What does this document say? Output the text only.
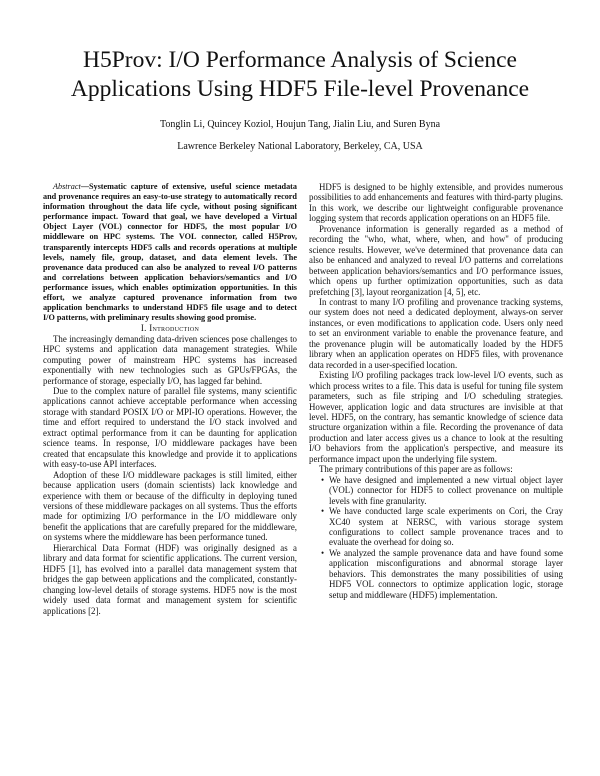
H5Prov: I/O Performance Analysis of Science
Applications Using HDF5 File-level Provenance
Tonglin Li, Quincey Koziol, Houjun Tang, Jialin Liu, and Suren Byna
Lawrence Berkeley National Laboratory, Berkeley, CA, USA

Abstract—Systematic capture of extensive, useful science metadata and provenance requires an easy-to-use strategy to automatically record information throughout the data life cycle, without posing significant performance impact. Toward that goal, we have developed a Virtual Object Layer (VOL) connector for HDF5, the most popular I/O middleware on HPC systems. The VOL connector, called H5Prov, transparently intercepts HDF5 calls and records operations at multiple levels, namely file, group, dataset, and data element levels. The provenance data produced can also be analyzed to reveal I/O patterns and correlations between application behaviors/semantics and I/O performance issues, which enables optimization opportunities. In this effort, we analyze captured provenance information from two application benchmarks to understand HDF5 file usage and to detect I/O patterns, with preliminary results showing good promise.

I. Introduction

The increasingly demanding data-driven sciences pose challenges to HPC systems and application data management strategies. While computing power of mainstream HPC systems has increased exponentially with new technologies such as GPUs/FPGAs, the performance of storage, especially I/O, has lagged far behind.

Due to the complex nature of parallel file systems, many scientific applications cannot achieve acceptable performance when accessing storage with standard POSIX I/O or MPI-IO operations. However, the time and effort required to understand the I/O stack involved and extract optimal performance from it can be daunting for application science teams. In response, I/O middleware packages have been created that encapsulate this knowledge and provide it to applications with easy-to-use API interfaces.

Adoption of these I/O middleware packages is still limited, either because application users (domain scientists) lack knowledge and experience with them or because of the difficulty in deploying tuned versions of these middleware packages on all systems. Thus the efforts made for optimizing I/O performance in the I/O middleware only benefit the applications that are carefully prepared for the middleware, on systems where the middleware has been performance tuned.

Hierarchical Data Format (HDF) was originally designed as a library and data format for scientific applications. The current version, HDF5 [1], has evolved into a parallel data management system that bridges the gap between applications and the complicated, constantly-changing low-level details of storage systems. HDF5 now is the most widely used data format and management system for scientific applications [2].

HDF5 is designed to be highly extensible, and provides numerous possibilities to add enhancements and features with third-party plugins. In this work, we describe our lightweight configurable provenance logging system that records application operations on an HDF5 file.

Provenance information is generally regarded as a method of recording the "who, what, where, when, and how" of producing science results. However, we've determined that provenance data can also be enhanced and analyzed to reveal I/O patterns and correlations between application behaviors/semantics and I/O performance issues, which opens up further optimization opportunities, such as data prefetching [3], layout reorganization [4, 5], etc.

In contrast to many I/O profiling and provenance tracking systems, our system does not need a dedicated deployment, always-on server instances, or even modifications to application code. Users only need to set an environment variable to enable the provenance feature, and the provenance plugin will be automatically loaded by the HDF5 library when an application operates on HDF5 files, with provenance data recorded in a user-specified location.

Existing I/O profiling packages track low-level I/O events, such as which process writes to a file. This data is useful for tuning file system parameters, such as file striping and I/O scheduling strategies. However, application logic and data structures are invisible at that level. HDF5, on the contrary, has semantic knowledge of science data structure organization within a file. Recording the provenance of data production and later access gives us a chance to look at the resulting I/O behaviors from the application's perspective, and measure its performance impact upon the underlying file system.

The primary contributions of this paper are as follows:

• We have designed and implemented a new virtual object layer (VOL) connector for HDF5 to collect provenance on multiple levels with fine granularity.
• We have conducted large scale experiments on Cori, the Cray XC40 system at NERSC, with various storage system configurations to collect sample provenance traces and to evaluate the overhead for doing so.
• We analyzed the sample provenance data and have found some application misconfigurations and abnormal storage layer behaviors. This demonstrates the many possibilities of using HDF5 VOL connectors to optimize application logic, storage setup and middleware (HDF5) implementation.
